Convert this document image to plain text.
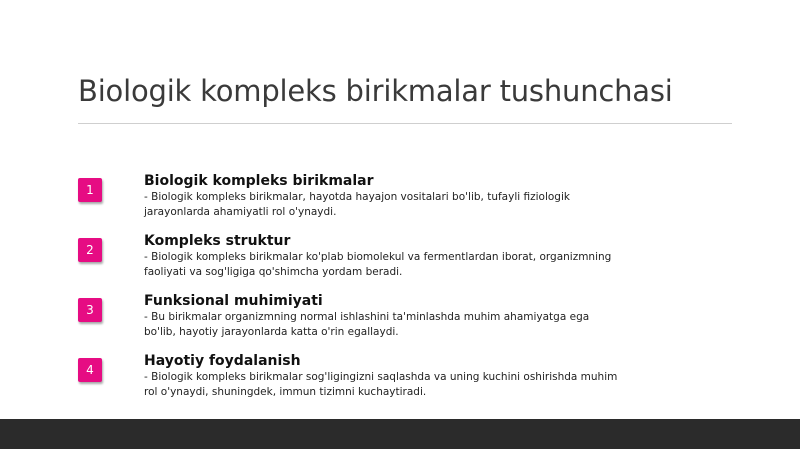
Biologik kompleks birikmalar tushunchasi
1
Biologik kompleks birikmalar
- Biologik kompleks birikmalar, hayotda hayajon vositalari bo'lib, tufayli fiziologik jarayonlarda ahamiyatli rol o'ynaydi.
2
Kompleks struktur
- Biologik kompleks birikmalar ko'plab biomolekul va fermentlardan iborat, organizmning faoliyati va sog'ligiga qo'shimcha yordam beradi.
3
Funksional muhimiyati
- Bu birikmalar organizmning normal ishlashini ta'minlashda muhim ahamiyatga ega bo'lib, hayotiy jarayonlarda katta o'rin egallaydi.
4
Hayotiy foydalanish
- Biologik kompleks birikmalar sog'ligingizni saqlashda va uning kuchini oshirishda muhim rol o'ynaydi, shuningdek, immun tizimni kuchaytiradi.
